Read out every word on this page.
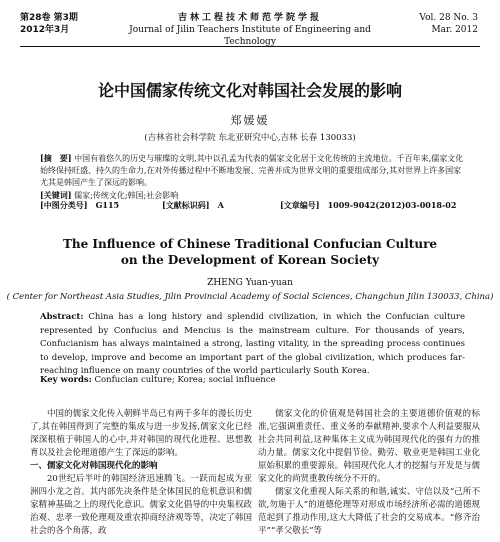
第28卷 第3期
2012年3月
吉林工程技术师范学院学报
Journal of Jilin Teachers Institute of Engineering and Technology
Vol. 28 No. 3
Mar. 2012
论中国儒家传统文化对韩国社会发展的影响
郑媛媛
(吉林省社会科学院 东北亚研究中心,吉林 长春 130033)
[摘　要] 中国有着悠久的历史与璀璨的文明,其中以孔孟为代表的儒家文化居于文化传统的主流地位。千百年来,儒家文化始终保持旺盛、持久的生命力,在对外传播过程中不断地发展、完善并成为世界文明的重要组成部分,其对世界上许多国家尤其是韩国产生了深远的影响。
[关键词] 儒家;传统文化;韩国;社会影响
[中图分类号]　G115	[文献标识码]　A	[文章编号]　1009-9042(2012)03-0018-02
The Influence of Chinese Traditional Confucian Culture
on the Development of Korean Society
ZHENG Yuan-yuan
( Center for Northeast Asia Studies, Jilin Provincial Academy of Social Sciences, Changchun Jilin 130033, China)
Abstract: China has a long history and splendid civilization, in which the Confucian culture represented by Confucius and Mencius is the mainstream culture. For thousands of years, Confucianism has always maintained a strong, lasting vitality, in the spreading process continues to develop, improve and become an important part of the global civilization, which produces far-reaching influence on many countries of the world particularly South Korea.
Key words: Confucian culture; Korea; social influence

中国的儒家文化传入朝鲜半岛已有两千多年的漫长历史了,其在韩国得到了完整的集成与进一步发扬,儒家文化已经深深根植于韩国人的心中,并对韩国的现代化进程、思想教育以及社会伦理道德产生了深远的影响。

一、儒家文化对韩国现代化的影响

20世纪后半叶的韩国经济迅速腾飞。一跃而起成为亚洲四小龙之首。其内部先决条件是全体国民的危机意识和儒家精神基础之上的现代化意识。儒家文化倡导的中央集权政治观、忠孝一致伦理观及重农抑商经济观等等，决定了韩国社会的各个角落，政

儒家文化的价值观是韩国社会的主要道德价值观的标准,它强调重责任、重义务的奉献精神,要求个人利益要服从社会共同利益,这种集体主义成为韩国现代化的强有力的推动力量。儒家文化中提倡节俭、勤劳、敬业更是韩国工业化原始积累的重要源泉。韩国现代化人才的挖掘与开发是与儒家文化的尚贤重教传统分不开的。

儒家文化重视人际关系的和谐,诚实、守信以及“己所不欲,勿施于人”的道德伦理等对形成市场经济所必需的道德规范起到了推动作用,这大大降低了社会的交易成本。“修齐治平”“孝父敬长”等
